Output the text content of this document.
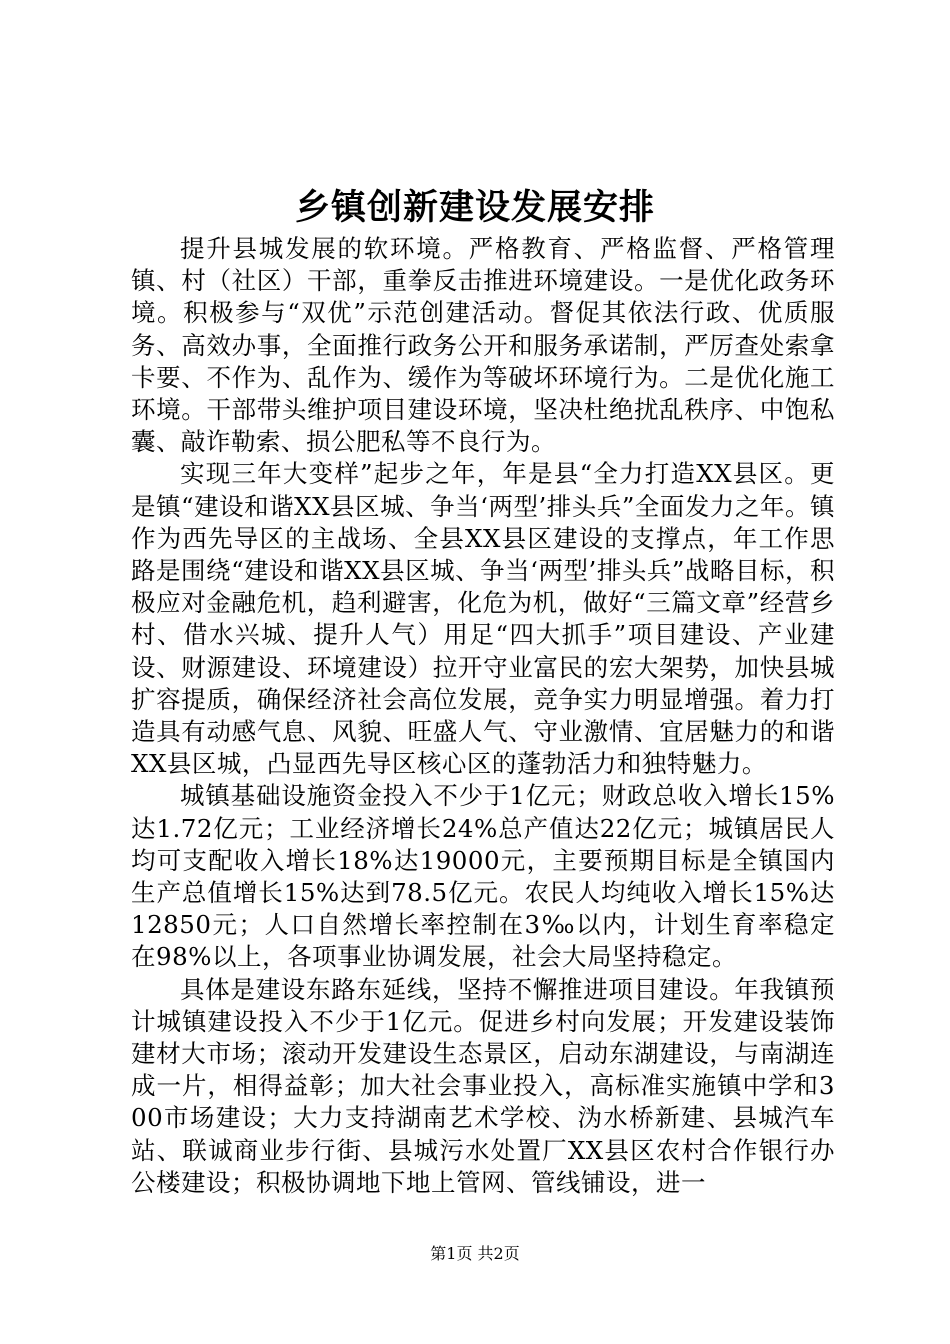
乡镇创新建设发展安排

提升县城发展的软环境。严格教育、严格监督、严格管理镇、村（社区）干部，重拳反击推进环境建设。一是优化政务环境。积极参与“双优”示范创建活动。督促其依法行政、优质服务、高效办事，全面推行政务公开和服务承诺制，严厉查处索拿卡要、不作为、乱作为、缓作为等破坏环境行为。二是优化施工环境。干部带头维护项目建设环境，坚决杜绝扰乱秩序、中饱私囊、敲诈勒索、损公肥私等不良行为。

实现三年大变样”起步之年，年是县“全力打造XX县区。更是镇“建设和谐XX县区城、争当‘两型’排头兵”全面发力之年。镇作为西先导区的主战场、全县XX县区建设的支撑点，年工作思路是围绕“建设和谐XX县区城、争当‘两型’排头兵”战略目标，积极应对金融危机，趋利避害，化危为机，做好“三篇文章”经营乡村、借水兴城、提升人气）用足“四大抓手”项目建设、产业建设、财源建设、环境建设）拉开守业富民的宏大架势，加快县城扩容提质，确保经济社会高位发展，竞争实力明显增强。着力打造具有动感气息、风貌、旺盛人气、守业激情、宜居魅力的和谐XX县区城，凸显西先导区核心区的蓬勃活力和独特魅力。

城镇基础设施资金投入不少于1亿元；财政总收入增长15%达1.72亿元；工业经济增长24%总产值达22亿元；城镇居民人均可支配收入增长18%达19000元，主要预期目标是全镇国内生产总值增长15%达到78.5亿元。农民人均纯收入增长15%达12850元；人口自然增长率控制在3‰以内，计划生育率稳定在98%以上，各项事业协调发展，社会大局坚持稳定。

具体是建设东路东延线，坚持不懈推进项目建设。年我镇预计城镇建设投入不少于1亿元。促进乡村向发展；开发建设装饰建材大市场；滚动开发建设生态景区，启动东湖建设，与南湖连成一片，相得益彰；加大社会事业投入，高标准实施镇中学和300市场建设；大力支持湖南艺术学校、沩水桥新建、县城汽车站、联诚商业步行街、县城污水处置厂XX县区农村合作银行办公楼建设；积极协调地下地上管网、管线铺设，进一

第1页 共2页
